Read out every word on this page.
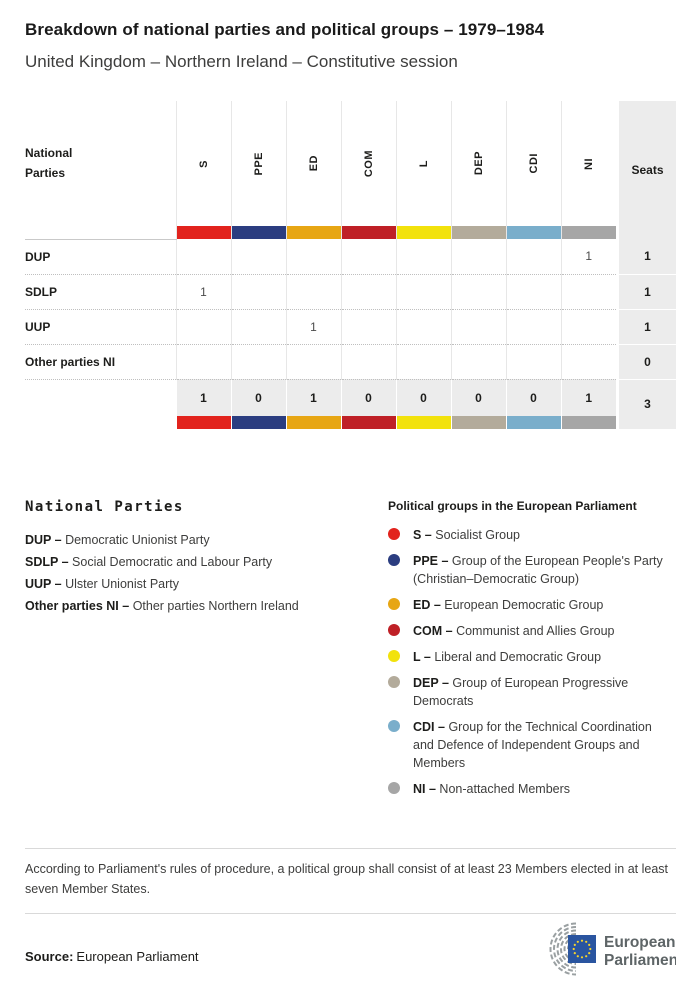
Breakdown of national parties and political groups – 1979–1984
United Kingdom – Northern Ireland – Constitutive session
National Parties	S	PPE	ED	COM	L	DEP	CDI	NI		Seats
DUP								1		1
SDLP	1									1
UUP			1							1
Other parties NI										0
	1	0	1	0	0	0	0	1		3

National Parties
DUP – Democratic Unionist Party
SDLP – Social Democratic and Labour Party
UUP – Ulster Unionist Party
Other parties NI – Other parties Northern Ireland
Political groups in the European Parliament
S – Socialist Group
PPE – Group of the European People's Party (Christian–Democratic Group)
ED – European Democratic Group
COM – Communist and Allies Group
L – Liberal and Democratic Group
DEP – Group of European Progressive Democrats
CDI – Group for the Technical Coordination and Defence of Independent Groups and Members
NI – Non-attached Members
According to Parliament's rules of procedure, a political group shall consist of at least 23 Members elected in at least seven Member States.
Source: European Parliament
European
Parliament
